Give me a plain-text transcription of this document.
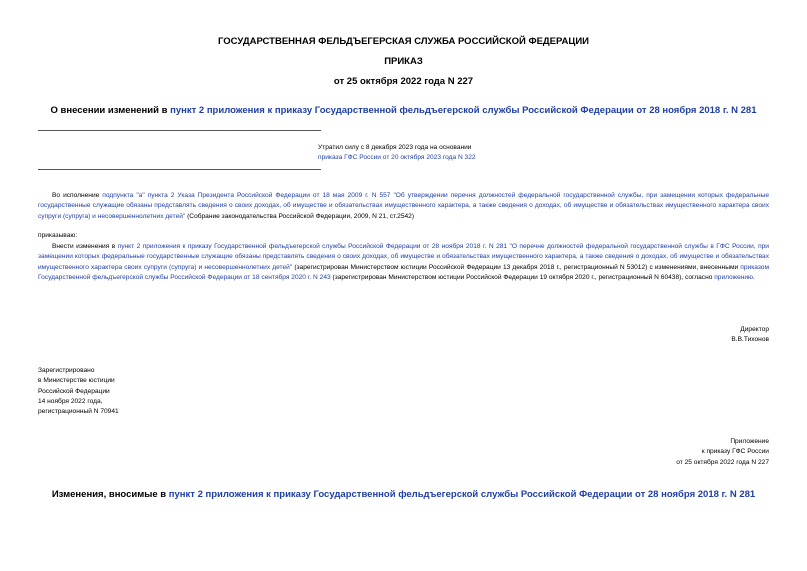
ГОСУДАРСТВЕННАЯ ФЕЛЬДЪЕГЕРСКАЯ СЛУЖБА РОССИЙСКОЙ ФЕДЕРАЦИИ
ПРИКАЗ
от 25 октября 2022 года N 227
О внесении изменений в пункт 2 приложения к приказу Государственной фельдъегерской службы Российской Федерации от 28 ноября 2018 г. N 281
Утратил силу с 8 декабря 2023 года на основании
приказа ГФС России от 20 октября 2023 года N 322
Во исполнение подпункта "а" пункта 2 Указа Президента Российской Федерации от 18 мая 2009 г. N 557 "Об утверждении перечня должностей федеральной государственной службы, при замещении которых федеральные государственные служащие обязаны представлять сведения о своих доходах, об имуществе и обязательствах имущественного характера, а также сведения о доходах, об имуществе и обязательствах имущественного характера своих супруги (супруга) и несовершеннолетних детей" (Собрание законодательства Российской Федерации, 2009, N 21, ст.2542)
приказываю:
Внести изменения в пункт 2 приложения к приказу Государственной фельдъегерской службы Российской Федерации от 28 ноября 2018 г. N 281 "О перечне должностей федеральной государственной службы в ГФС России, при замещении которых федеральные государственные служащие обязаны представлять сведения о своих доходах, об имуществе и обязательствах имущественного характера, а также сведения о доходах, об имуществе и обязательствах имущественного характера своих супруги (супруга) и несовершеннолетних детей" (зарегистрирован Министерством юстиции Российской Федерации 13 декабря 2018 г., регистрационный N 53012) с изменениями, внесенными приказом Государственной фельдъегерской службы Российской Федерации от 18 сентября 2020 г. N 243 (зарегистрирован Министерством юстиции Российской Федерации 19 октября 2020 г., регистрационный N 60438), согласно приложению.
Директор
В.В.Тихонов
Зарегистрировано
в Министерстве юстиции
Российской Федерации
14 ноября 2022 года,
регистрационный N 70941
Приложение
к приказу ГФС России
от 25 октября 2022 года N 227
Изменения, вносимые в пункт 2 приложения к приказу Государственной фельдъегерской службы Российской Федерации от 28 ноября 2018 г. N 281
